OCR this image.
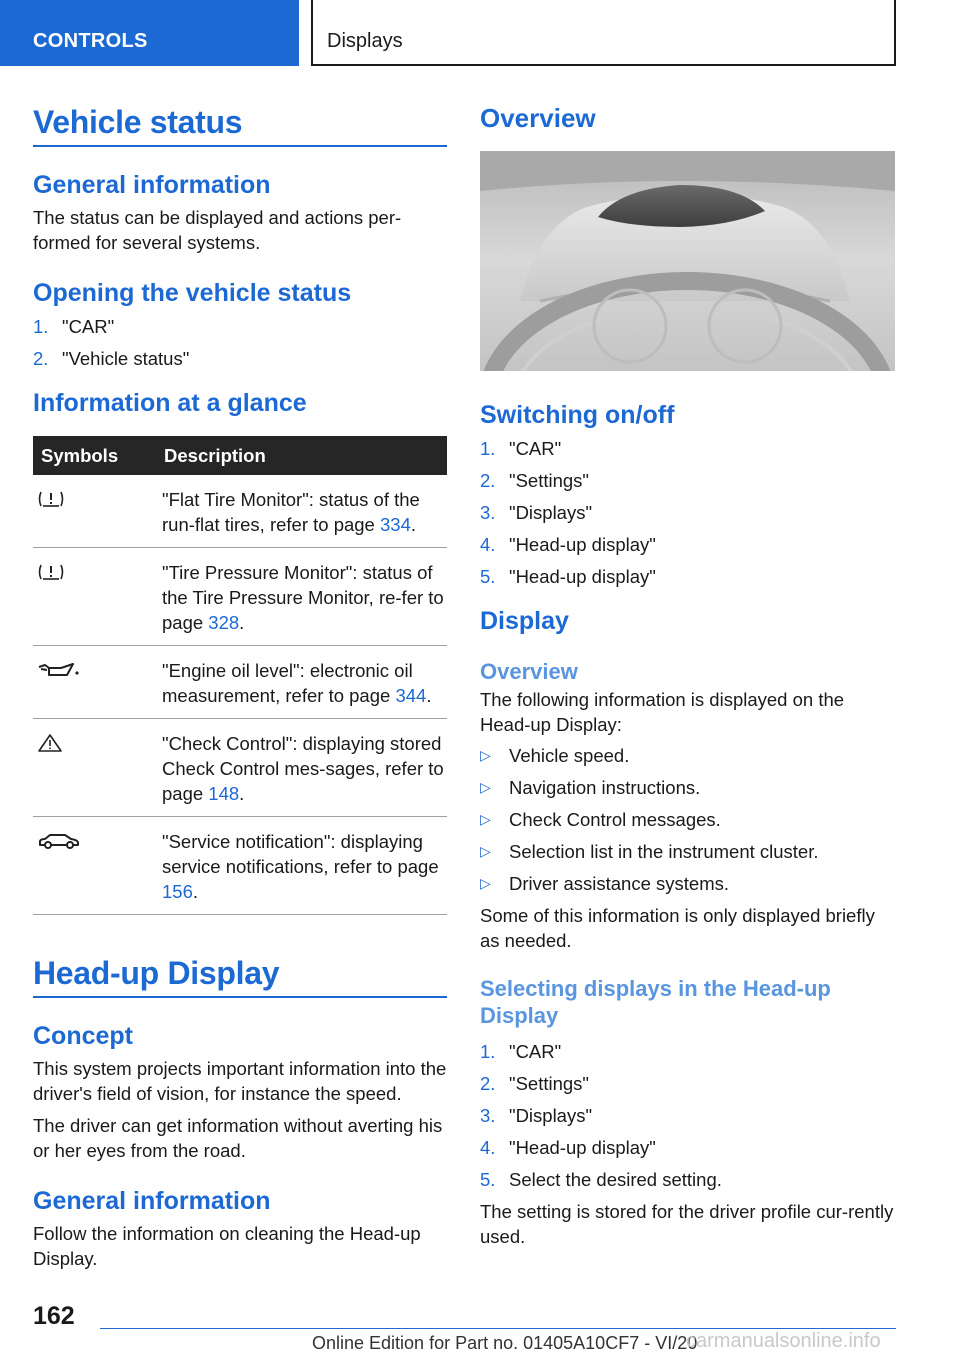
CONTROLS	Displays
Vehicle status
General information

The status can be displayed and actions per‐formed for several systems.

Opening the vehicle status
1. "CAR"
2. "Vehicle status"
Information at a glance
Symbols	Description
	"Flat Tire Monitor": status of the run-flat tires, refer to page 334.
	"Tire Pressure Monitor": status of the Tire Pressure Monitor, re‐fer to page 328.
	"Engine oil level": electronic oil measurement, refer to page 344.
	"Check Control": displaying stored Check Control mes‐sages, refer to page 148.
	"Service notification": displaying service notifications, refer to page 156.
Head-up Display
Concept

This system projects important information into the driver's field of vision, for instance the speed.

The driver can get information without averting his or her eyes from the road.

General information

Follow the information on cleaning the Head-up Display.

Overview
Switching on/off
1. "CAR"
2. "Settings"
3. "Displays"
4. "Head-up display"
5. "Head-up display"
Display
Overview

The following information is displayed on the Head-up Display:

▷ Vehicle speed.
▷ Navigation instructions.
▷ Check Control messages.
▷ Selection list in the instrument cluster.
▷ Driver assistance systems.

Some of this information is only displayed briefly as needed.

Selecting displays in the Head-up Display
1. "CAR"
2. "Settings"
3. "Displays"
4. "Head-up display"
5. Select the desired setting.

The setting is stored for the driver profile cur‐rently used.

162
Online Edition for Part no. 01405A10CF7 - VI/20
carmanualsonline.info
